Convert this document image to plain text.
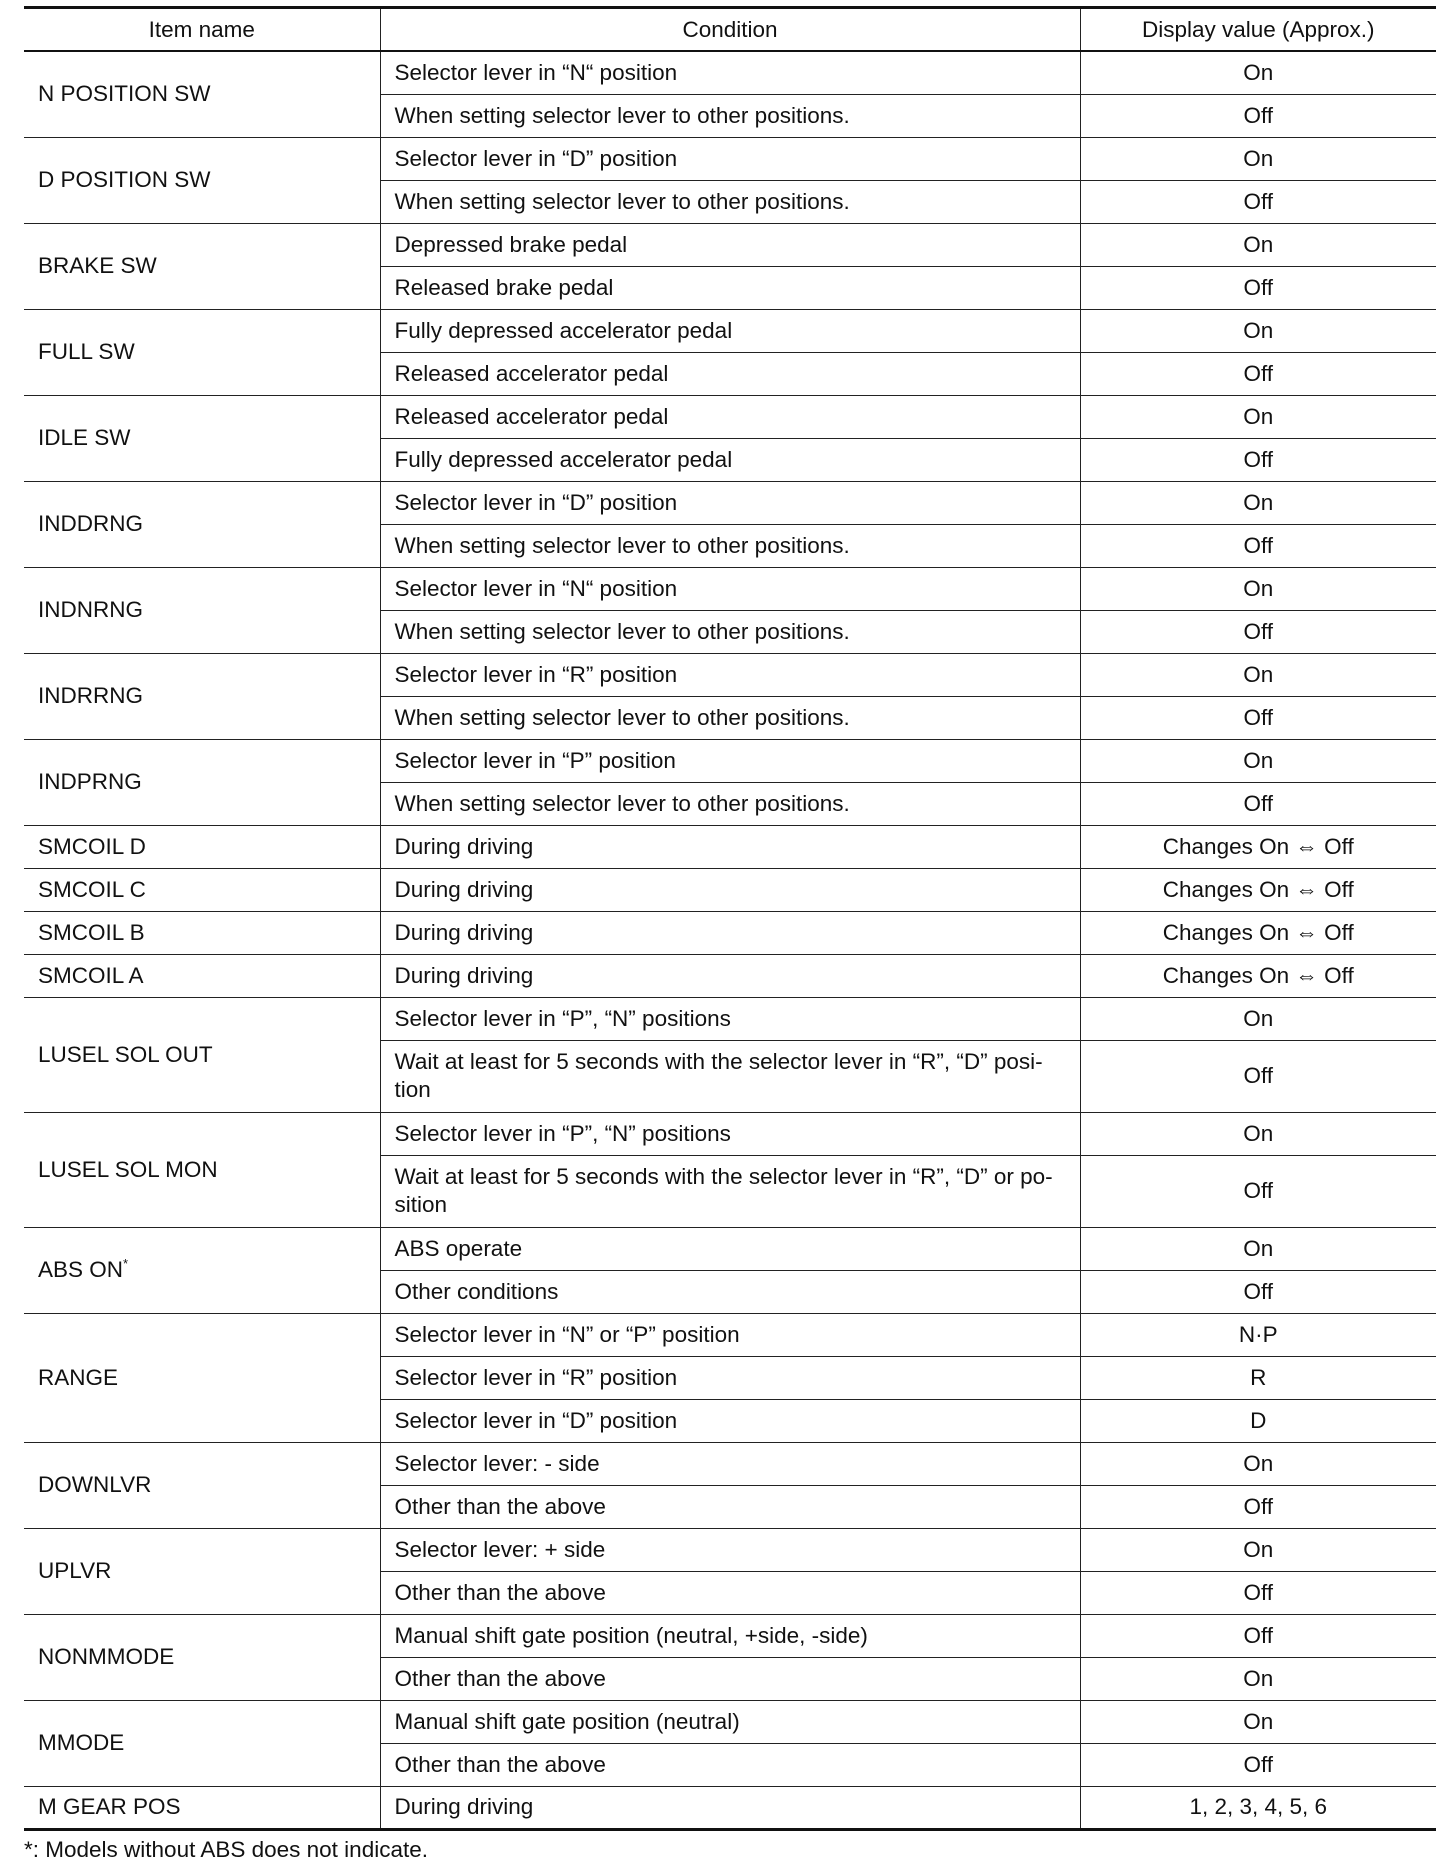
Item name	Condition	Display value (Approx.)
N POSITION SW	Selector lever in “N“ position	On
	When setting selector lever to other positions.	Off
D POSITION SW	Selector lever in “D” position	On
	When setting selector lever to other positions.	Off
BRAKE SW	Depressed brake pedal	On
	Released brake pedal	Off
FULL SW	Fully depressed accelerator pedal	On
	Released accelerator pedal	Off
IDLE SW	Released accelerator pedal	On
	Fully depressed accelerator pedal	Off
INDDRNG	Selector lever in “D” position	On
	When setting selector lever to other positions.	Off
INDNRNG	Selector lever in “N“ position	On
	When setting selector lever to other positions.	Off
INDRRNG	Selector lever in “R” position	On
	When setting selector lever to other positions.	Off
INDPRNG	Selector lever in “P” position	On
	When setting selector lever to other positions.	Off
SMCOIL D	During driving	Changes On ⇔ Off
SMCOIL C	During driving	Changes On ⇔ Off
SMCOIL B	During driving	Changes On ⇔ Off
SMCOIL A	During driving	Changes On ⇔ Off
LUSEL SOL OUT	Selector lever in “P”, “N” positions	On
	Wait at least for 5 seconds with the selector lever in “R”, “D” posi-tion	Off
LUSEL SOL MON	Selector lever in “P”, “N” positions	On
	Wait at least for 5 seconds with the selector lever in “R”, “D” or po-sition	Off
ABS ON*	ABS operate	On
	Other conditions	Off
RANGE	Selector lever in “N” or “P” position	N·P
	Selector lever in “R” position	R
	Selector lever in “D” position	D
DOWNLVR	Selector lever: - side	On
	Other than the above	Off
UPLVR	Selector lever: + side	On
	Other than the above	Off
NONMMODE	Manual shift gate position (neutral, +side, -side)	Off
	Other than the above	On
MMODE	Manual shift gate position (neutral)	On
	Other than the above	Off
M GEAR POS	During driving	1, 2, 3, 4, 5, 6
*: Models without ABS does not indicate.
